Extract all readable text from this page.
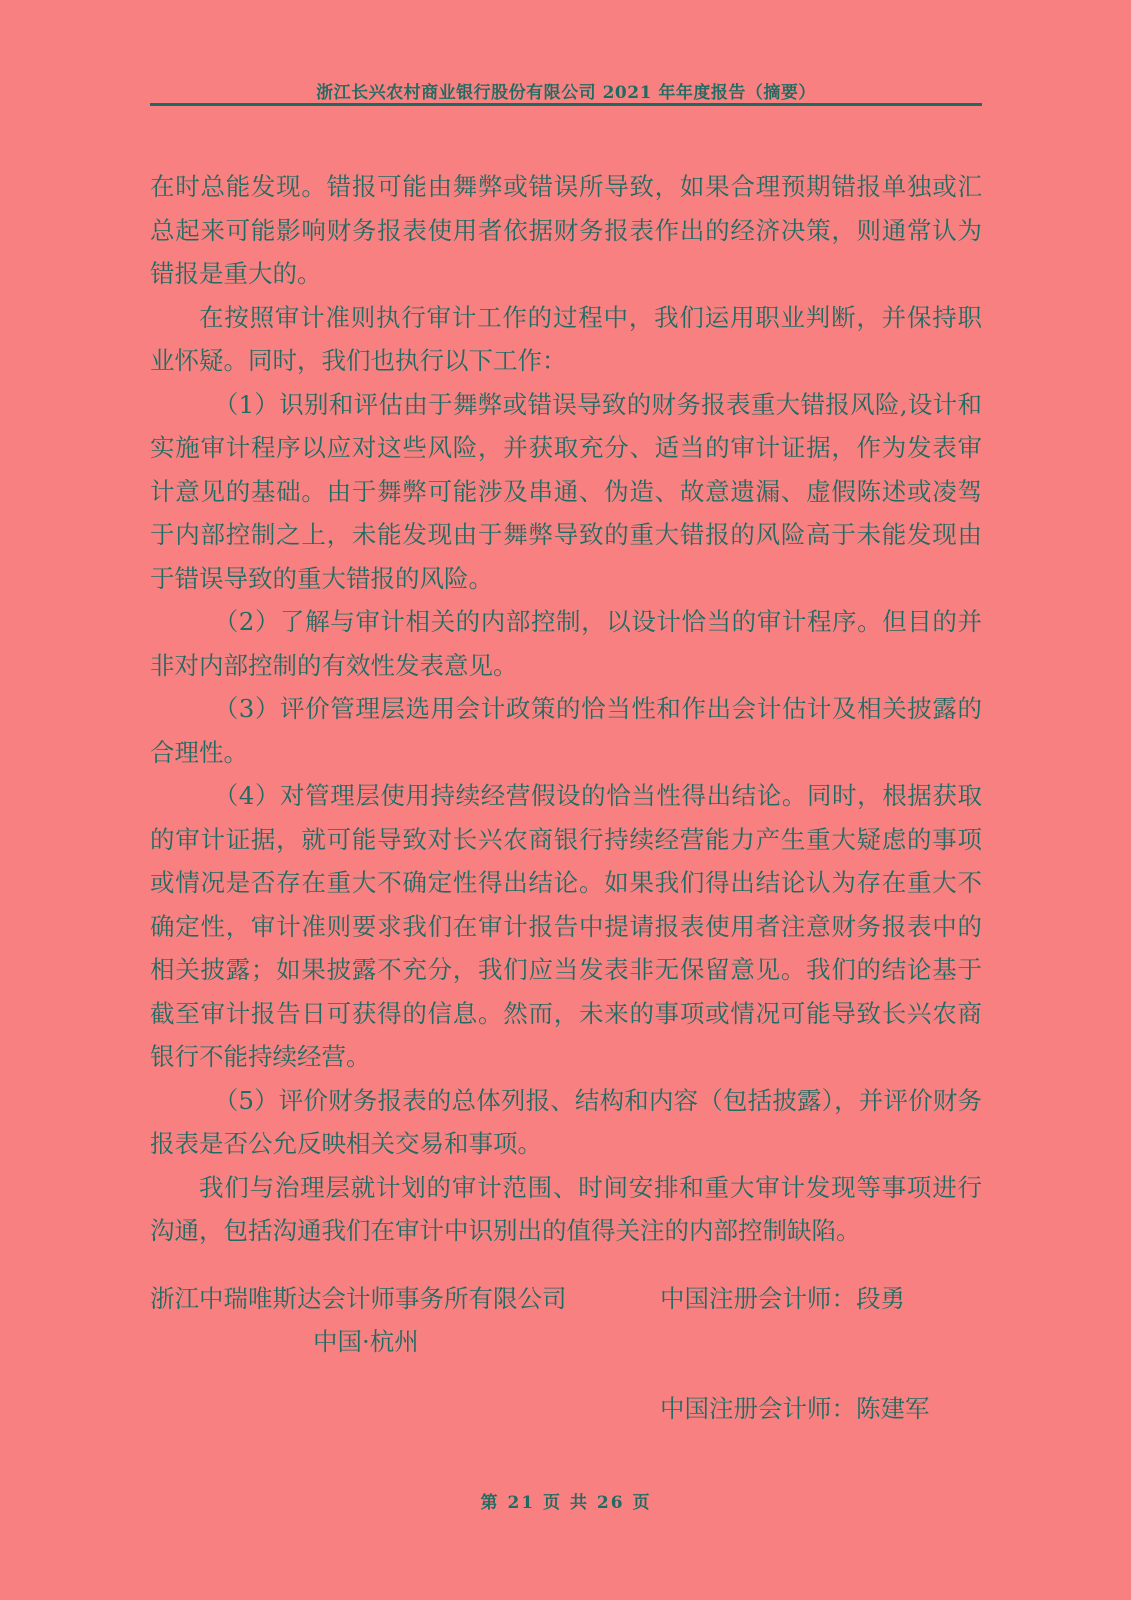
浙江长兴农村商业银行股份有限公司 2021 年年度报告（摘要）

在时总能发现。错报可能由舞弊或错误所导致，如果合理预期错报单独或汇总起来可能影响财务报表使用者依据财务报表作出的经济决策，则通常认为错报是重大的。

在按照审计准则执行审计工作的过程中，我们运用职业判断，并保持职业怀疑。同时，我们也执行以下工作：

（1）识别和评估由于舞弊或错误导致的财务报表重大错报风险,设计和实施审计程序以应对这些风险，并获取充分、适当的审计证据，作为发表审计意见的基础。由于舞弊可能涉及串通、伪造、故意遗漏、虚假陈述或凌驾于内部控制之上，未能发现由于舞弊导致的重大错报的风险高于未能发现由于错误导致的重大错报的风险。

（2）了解与审计相关的内部控制，以设计恰当的审计程序。但目的并非对内部控制的有效性发表意见。

（3）评价管理层选用会计政策的恰当性和作出会计估计及相关披露的合理性。

（4）对管理层使用持续经营假设的恰当性得出结论。同时，根据获取的审计证据，就可能导致对长兴农商银行持续经营能力产生重大疑虑的事项或情况是否存在重大不确定性得出结论。如果我们得出结论认为存在重大不确定性，审计准则要求我们在审计报告中提请报表使用者注意财务报表中的相关披露；如果披露不充分，我们应当发表非无保留意见。我们的结论基于截至审计报告日可获得的信息。然而，未来的事项或情况可能导致长兴农商银行不能持续经营。

（5）评价财务报表的总体列报、结构和内容（包括披露），并评价财务报表是否公允反映相关交易和事项。

我们与治理层就计划的审计范围、时间安排和重大审计发现等事项进行沟通，包括沟通我们在审计中识别出的值得关注的内部控制缺陷。

浙江中瑞唯斯达会计师事务所有限公司
中国·杭州
中国注册会计师：段勇
中国注册会计师：陈建军
第 21 页 共 26 页
